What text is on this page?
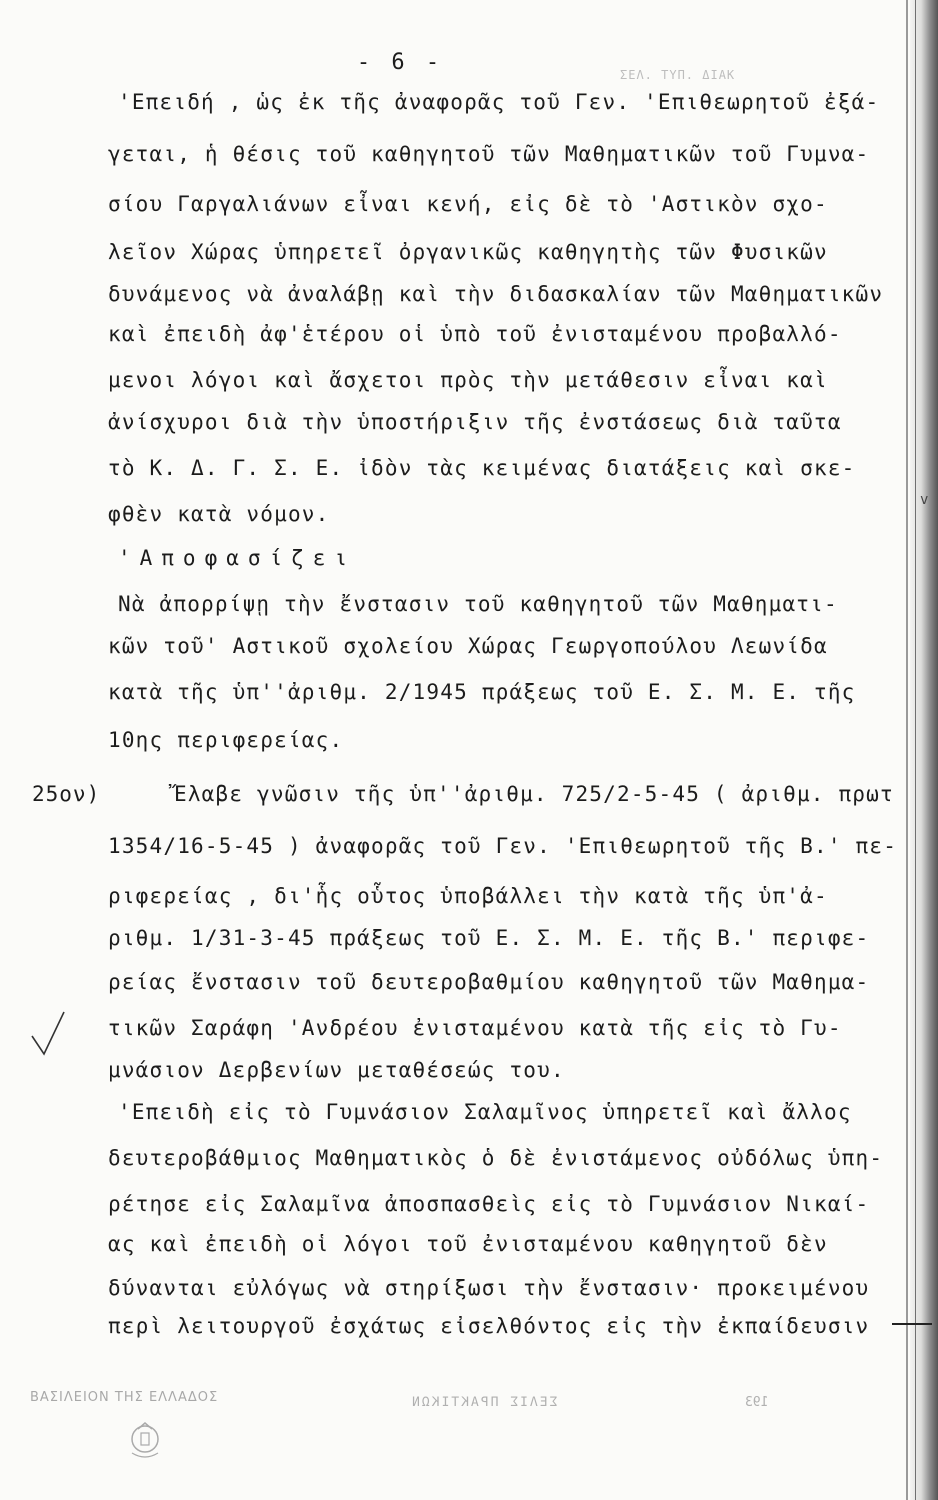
ΣΕΛ. ΤΥΠ. ΔΙΑΚ
- 6 -
'Επειδή , ὡς ἐκ τῆς ἀναφορᾶς τοῦ Γεν. 'Επιθεωρητοῦ ἐξά-
γεται, ἡ θέσις τοῦ καθηγητοῦ τῶν Μαθηματικῶν τοῦ Γυμνα-
σίου Γαργαλιάνων εἶναι κενή, εἰς δὲ τὸ 'Αστικὸν σχο-
λεῖον Χώρας ὑπηρετεῖ ὀργανικῶς καθηγητὴς τῶν Φυσικῶν
δυνάμενος νὰ ἀναλάβῃ καὶ τὴν διδασκαλίαν τῶν Μαθηματικῶν
καὶ ἐπειδὴ ἀφ'ἑτέρου οἱ ὑπὸ τοῦ ἐνισταμένου προβαλλό-
μενοι λόγοι καὶ ἄσχετοι πρὸς τὴν μετάθεσιν εἶναι καὶ
ἀνίσχυροι διὰ τὴν ὑποστήριξιν τῆς ἐνστάσεως διὰ ταῦτα
τὸ Κ. Δ. Γ. Σ. Ε. ἰδὸν τὰς κειμένας διατάξεις καὶ σκε-
φθὲν κατὰ νόμον.
'Αποφασίζει
Νὰ ἀπορρίψῃ τὴν ἔνστασιν τοῦ καθηγητοῦ τῶν Μαθηματι-
κῶν τοῦ' Αστικοῦ σχολείου Χώρας Γεωργοπούλου Λεωνίδα
κατὰ τῆς ὑπ''ἀριθμ. 2/1945 πράξεως τοῦ Ε. Σ. Μ. Ε. τῆς
10ης περιφερείας.
25ον)	Ἔλαβε γνῶσιν τῆς ὑπ''ἀριθμ. 725/2-5-45 ( ἀριθμ. πρωτ
1354/16-5-45 ) ἀναφορᾶς τοῦ Γεν. 'Επιθεωρητοῦ τῆς Β.' πε-
ριφερείας , δι'ἧς οὗτος ὑποβάλλει τὴν κατὰ τῆς ὑπ'ἀ-
ριθμ. 1/31-3-45 πράξεως τοῦ Ε. Σ. Μ. Ε. τῆς Β.' περιφε-
ρείας ἔνστασιν τοῦ δευτεροβαθμίου καθηγητοῦ τῶν Μαθημα-
τικῶν Σαράφη 'Ανδρέου ἐνισταμένου κατὰ τῆς εἰς τὸ Γυ-
μνάσιον Δερβενίων μεταθέσεώς του.
'Επειδὴ εἰς τὸ Γυμνάσιον Σαλαμῖνος ὑπηρετεῖ καὶ ἄλλος
δευτεροβάθμιος Μαθηματικὸς ὁ δὲ ἐνιστάμενος οὐδόλως ὑπη-
ρέτησε εἰς Σαλαμῖνα ἀποσπασθεὶς εἰς τὸ Γυμνάσιον Νικαί-
ας καὶ ἐπειδὴ οἱ λόγοι τοῦ ἐνισταμένου καθηγητοῦ δὲν
δύνανται εὐλόγως νὰ στηρίξωσι τὴν ἔνστασιν· προκειμένου
περὶ λειτουργοῦ ἐσχάτως εἰσελθόντος εἰς τὴν ἐκπαίδευσιν
v
ΒΑΣΙΛΕΙΟΝ ΤΗΣ ΕΛΛΑΔΟΣ	ΣΕΛΙΣ ΠΡΑΚΤΙΚΩΝ	193
